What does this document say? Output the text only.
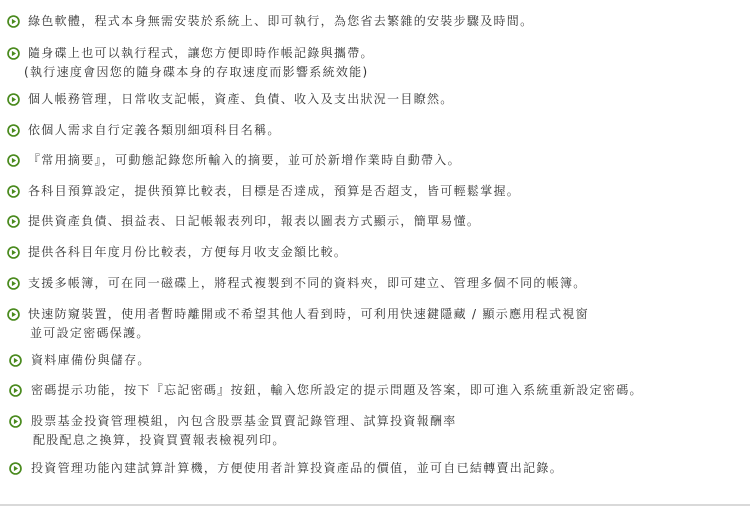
綠色軟體，程式本身無需安裝於系統上、即可執行，為您省去繁雜的安裝步驟及時間。
隨身碟上也可以執行程式，讓您方便即時作帳記錄與攜帶。
(執行速度會因您的隨身碟本身的存取速度而影響系統效能)
個人帳務管理，日常收支記帳，資產、負債、收入及支出狀況一目瞭然。
依個人需求自行定義各類別細項科目名稱。
『常用摘要』，可動態記錄您所輸入的摘要，並可於新增作業時自動帶入。
各科目預算設定，提供預算比較表，目標是否達成，預算是否超支，皆可輕鬆掌握。
提供資產負債、損益表、日記帳報表列印，報表以圖表方式顯示，簡單易懂。
提供各科目年度月份比較表，方便每月收支金額比較。
支援多帳簿，可在同一磁碟上，將程式複製到不同的資料夾，即可建立、管理多個不同的帳簿。
快速防窺裝置，使用者暫時離開或不希望其他人看到時，可利用快速鍵隱藏 / 顯示應用程式視窗
並可設定密碼保護。
資料庫備份與儲存。
密碼提示功能，按下『忘記密碼』按鈕，輸入您所設定的提示問題及答案，即可進入系統重新設定密碼。
股票基金投資管理模組，內包含股票基金買賣記錄管理、試算投資報酬率
配股配息之換算，投資買賣報表檢視列印。
投資管理功能內建試算計算機，方便使用者計算投資產品的價值，並可自已結轉賣出記錄。
